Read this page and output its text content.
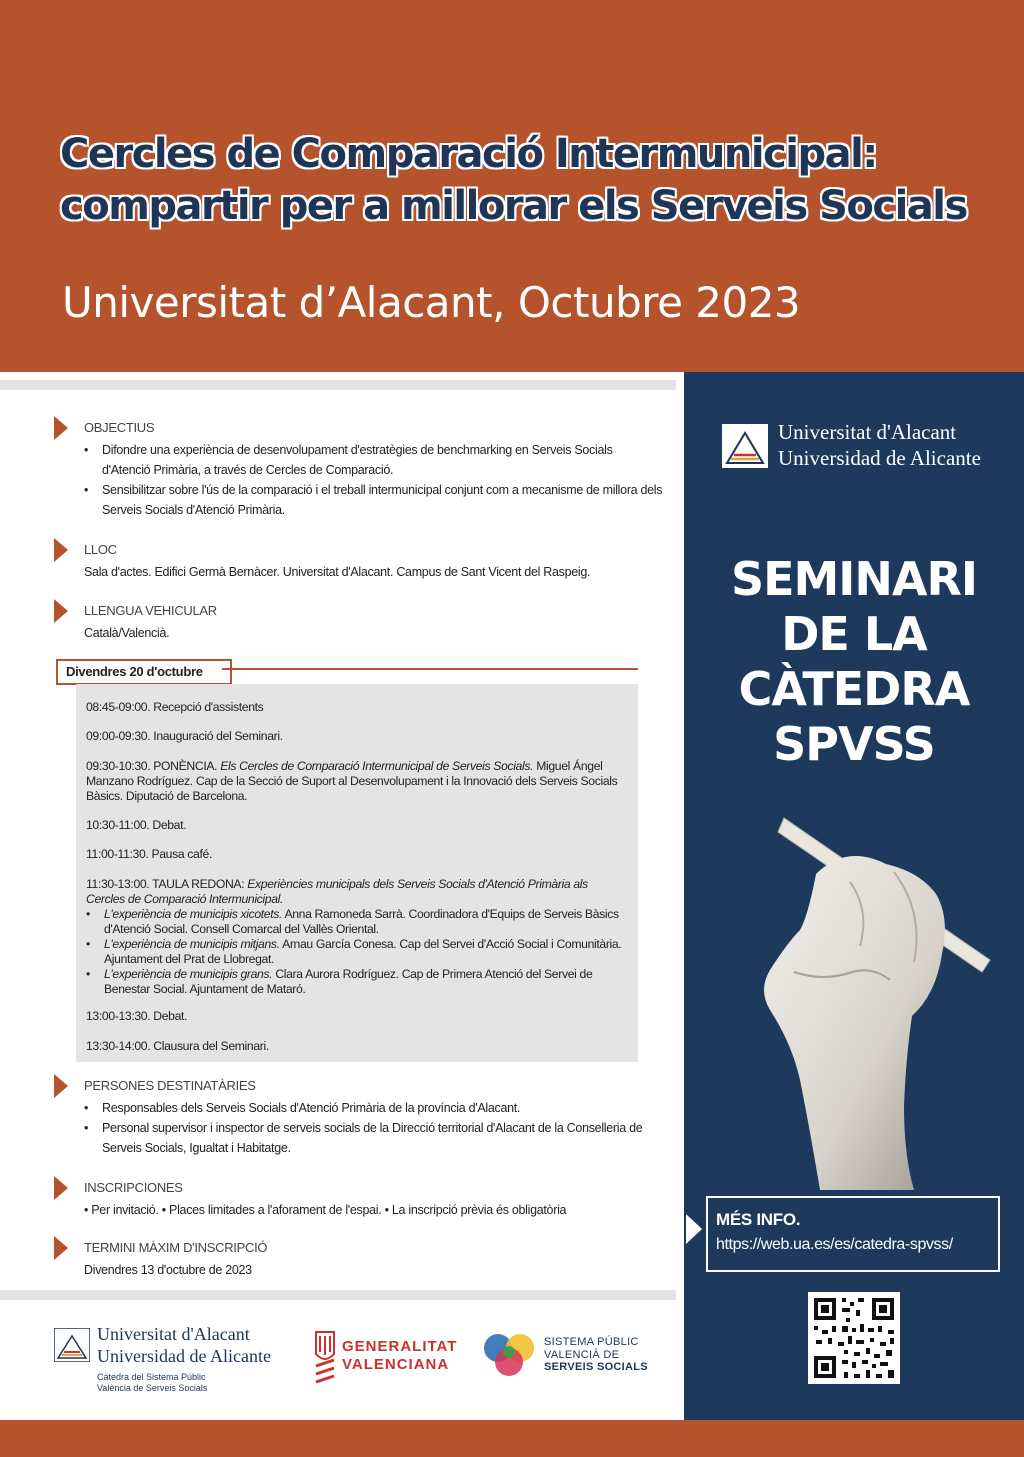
Cercles de Comparació Intermunicipal:
compartir per a millorar els Serveis Socials
Universitat d’Alacant, Octubre 2023
OBJECTIUS
• Difondre una experiència de desenvolupament d'estratègies de benchmarking en Serveis Socials d'Atenció Primària, a través de Cercles de Comparació.
• Sensibilitzar sobre l'ús de la comparació i el treball intermunicipal conjunt com a mecanisme de millora dels Serveis Socials d'Atenció Primària.
LLOC
Sala d'actes. Edifici Germà Bernàcer. Universitat d'Alacant. Campus de Sant Vicent del Raspeig.
LLENGUA VEHICULAR
Català/Valencià.
Divendres 20 d'octubre
08:45-09:00. Recepció d'assistents
09:00-09:30. Inauguració del Seminari.
09:30-10:30. PONÈNCIA. Els Cercles de Comparació Intermunicipal de Serveis Socials. Miguel Ángel Manzano Rodríguez. Cap de la Secció de Suport al Desenvolupament i la Innovació dels Serveis Socials Bàsics. Diputació de Barcelona.
10:30-11:00. Debat.
11:00-11:30. Pausa café.
11:30-13:00. TAULA REDONA: Experiències municipals dels Serveis Socials d'Atenció Primària als Cercles de Comparació Intermunicipal.
• L'experiència de municipis xicotets. Anna Ramoneda Sarrà. Coordinadora d'Equips de Serveis Bàsics d'Atenció Social. Consell Comarcal del Vallès Oriental.
• L'experiència de municipis mitjans. Arnau García Conesa. Cap del Servei d'Acció Social i Comunitària. Ajuntament del Prat de Llobregat.
• L'experiència de municipis grans. Clara Aurora Rodríguez. Cap de Primera Atenció del Servei de Benestar Social. Ajuntament de Mataró.
13:00-13:30. Debat.
13:30-14:00. Clausura del Seminari.
PERSONES DESTINATÀRIES
• Responsables dels Serveis Socials d'Atenció Primària de la província d'Alacant.
• Personal supervisor i inspector de serveis socials de la Direcció territorial d'Alacant de la Conselleria de Serveis Socials, Igualtat i Habitatge.
INSCRIPCIONES
• Per invitació. • Places limitades a l'aforament de l'espai. • La inscripció prèvia és obligatòria
TERMINI MÀXIM D'INSCRIPCIÓ
Divendres 13 d'octubre de 2023
Universitat d'Alacant
Universidad de Alicante
Càtedra del Sistema Públic
València de Serveis Socials
GENERALITAT
VALENCIANA
SISTEMA PÚBLIC
VALENCIÀ DE
SERVEIS SOCIALS
Universitat d'Alacant
Universidad de Alicante
SEMINARI
DE LA
CÀTEDRA
SPVSS
MÉS INFO.
https://web.ua.es/es/catedra-spvss/
